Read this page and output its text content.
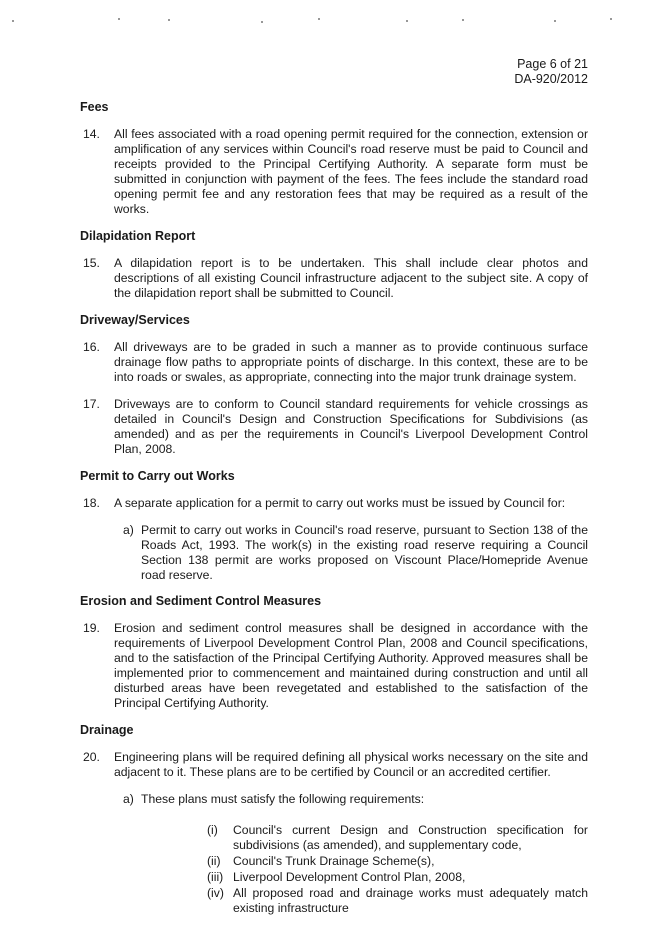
Page 6 of 21
DA-920/2012
Fees
14. All fees associated with a road opening permit required for the connection, extension or amplification of any services within Council's road reserve must be paid to Council and receipts provided to the Principal Certifying Authority. A separate form must be submitted in conjunction with payment of the fees. The fees include the standard road opening permit fee and any restoration fees that may be required as a result of the works.
Dilapidation Report
15. A dilapidation report is to be undertaken. This shall include clear photos and descriptions of all existing Council infrastructure adjacent to the subject site. A copy of the dilapidation report shall be submitted to Council.
Driveway/Services
16. All driveways are to be graded in such a manner as to provide continuous surface drainage flow paths to appropriate points of discharge. In this context, these are to be into roads or swales, as appropriate, connecting into the major trunk drainage system.
17. Driveways are to conform to Council standard requirements for vehicle crossings as detailed in Council's Design and Construction Specifications for Subdivisions (as amended) and as per the requirements in Council's Liverpool Development Control Plan, 2008.
Permit to Carry out Works
18. A separate application for a permit to carry out works must be issued by Council for:
a) Permit to carry out works in Council's road reserve, pursuant to Section 138 of the Roads Act, 1993. The work(s) in the existing road reserve requiring a Council Section 138 permit are works proposed on Viscount Place/Homepride Avenue road reserve.
Erosion and Sediment Control Measures
19. Erosion and sediment control measures shall be designed in accordance with the requirements of Liverpool Development Control Plan, 2008 and Council specifications, and to the satisfaction of the Principal Certifying Authority. Approved measures shall be implemented prior to commencement and maintained during construction and until all disturbed areas have been revegetated and established to the satisfaction of the Principal Certifying Authority.
Drainage
20. Engineering plans will be required defining all physical works necessary on the site and adjacent to it. These plans are to be certified by Council or an accredited certifier.
a) These plans must satisfy the following requirements:
(i) Council's current Design and Construction specification for subdivisions (as amended), and supplementary code,
(ii) Council's Trunk Drainage Scheme(s),
(iii) Liverpool Development Control Plan, 2008,
(iv) All proposed road and drainage works must adequately match existing infrastructure
